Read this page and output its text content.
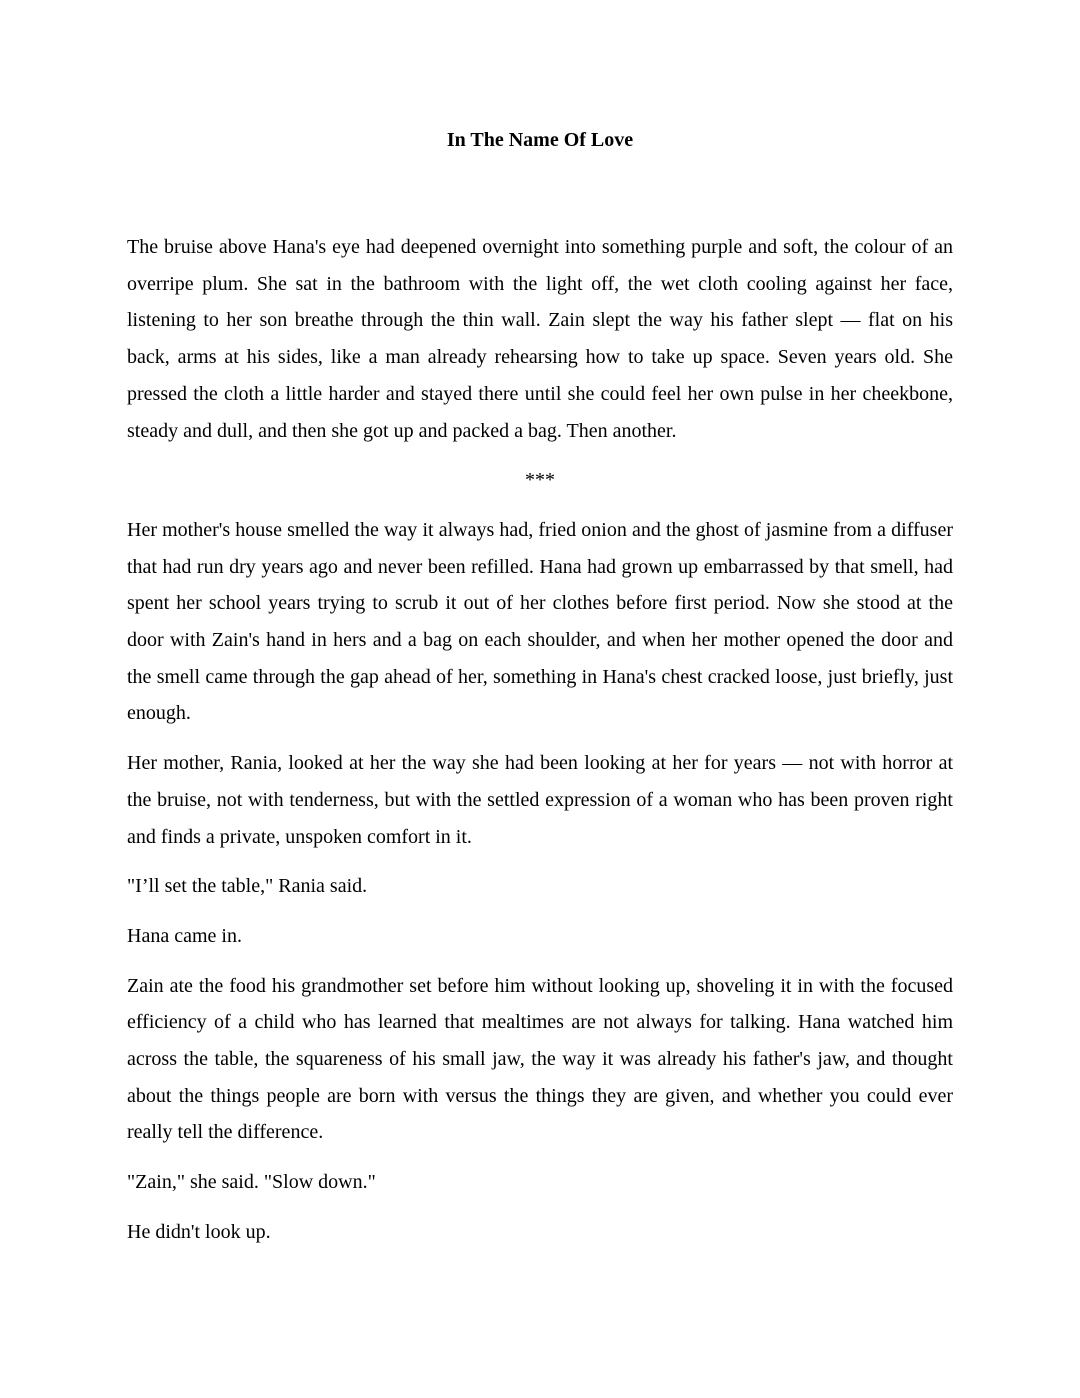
In The Name Of Love

The bruise above Hana's eye had deepened overnight into something purple and soft, the colour of an overripe plum. She sat in the bathroom with the light off, the wet cloth cooling against her face, listening to her son breathe through the thin wall. Zain slept the way his father slept — flat on his back, arms at his sides, like a man already rehearsing how to take up space. Seven years old. She pressed the cloth a little harder and stayed there until she could feel her own pulse in her cheekbone, steady and dull, and then she got up and packed a bag. Then another.

***

Her mother's house smelled the way it always had, fried onion and the ghost of jasmine from a diffuser that had run dry years ago and never been refilled. Hana had grown up embarrassed by that smell, had spent her school years trying to scrub it out of her clothes before first period. Now she stood at the door with Zain's hand in hers and a bag on each shoulder, and when her mother opened the door and the smell came through the gap ahead of her, something in Hana's chest cracked loose, just briefly, just enough.

Her mother, Rania, looked at her the way she had been looking at her for years — not with horror at the bruise, not with tenderness, but with the settled expression of a woman who has been proven right and finds a private, unspoken comfort in it.

"I’ll set the table," Rania said.

Hana came in.

Zain ate the food his grandmother set before him without looking up, shoveling it in with the focused efficiency of a child who has learned that mealtimes are not always for talking. Hana watched him across the table, the squareness of his small jaw, the way it was already his father's jaw, and thought about the things people are born with versus the things they are given, and whether you could ever really tell the difference.

"Zain," she said. "Slow down."

He didn't look up.
